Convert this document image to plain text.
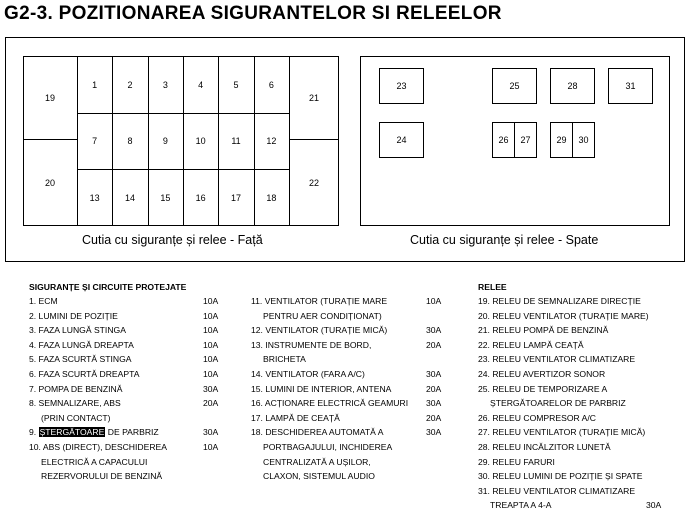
G2-3. POZITIONAREA SIGURANTELOR SI RELEELOR
19
20
21
22
1	2	3	4	5	6
7	8	9	10	11	12
13	14	15	16	17	18
Cutia cu siguranțe și relee - Față
23
24
25	28	31
26	27	29	30
Cutia cu siguranțe și relee - Spate
SIGURANȚE ȘI CIRCUITE PROTEJATE	RELEE
1. ECM	10A
2. LUMINI DE POZIȚIE	10A
3. FAZA LUNGĂ STINGA	10A
4. FAZA LUNGĂ DREAPTA	10A
5. FAZA SCURTĂ STINGA	10A
6. FAZA SCURTĂ DREAPTA	10A
7. POMPA DE BENZINĂ	30A
8. SEMNALIZARE, ABS	20A
(PRIN CONTACT)
9. ȘTERGĂTOARE DE PARBRIZ	30A
10. ABS (DIRECT), DESCHIDEREA	10A
ELECTRICĂ A CAPACULUI
REZERVORULUI DE BENZINĂ
11. VENTILATOR (TURAȚIE MARE	10A
PENTRU AER CONDIȚIONAT)
12. VENTILATOR (TURAȚIE MICĂ)	30A
13. INSTRUMENTE DE BORD,	20A
BRICHETA
14. VENTILATOR (FARA A/C)	30A
15. LUMINI DE INTERIOR, ANTENA	20A
16. ACȚIONARE ELECTRICĂ GEAMURI 30A
17. LAMPĂ DE CEAȚĂ	20A
18. DESCHIDEREA AUTOMATĂ A	30A
PORTBAGAJULUI, INCHIDEREA
CENTRALIZATĂ A UȘILOR,
CLAXON, SISTEMUL AUDIO
19. RELEU DE SEMNALIZARE DIRECȚIE
20. RELEU VENTILATOR (TURAȚIE MARE)
21. RELEU POMPĂ DE BENZINĂ
22. RELEU LAMPĂ CEAȚĂ
23. RELEU VENTILATOR CLIMATIZARE
24. RELEU AVERTIZOR SONOR
25. RELEU DE TEMPORIZARE A
ȘTERGĂTOARELOR DE PARBRIZ
26. RELEU COMPRESOR A/C
27. RELEU VENTILATOR (TURAȚIE MICĂ)
28. RELEU INCĂLZITOR LUNETĂ
29. RELEU FARURI
30. RELEU LUMINI DE POZIȚIE ȘI SPATE
31. RELEU VENTILATOR CLIMATIZARE
TREAPTA A 4-A	30A
